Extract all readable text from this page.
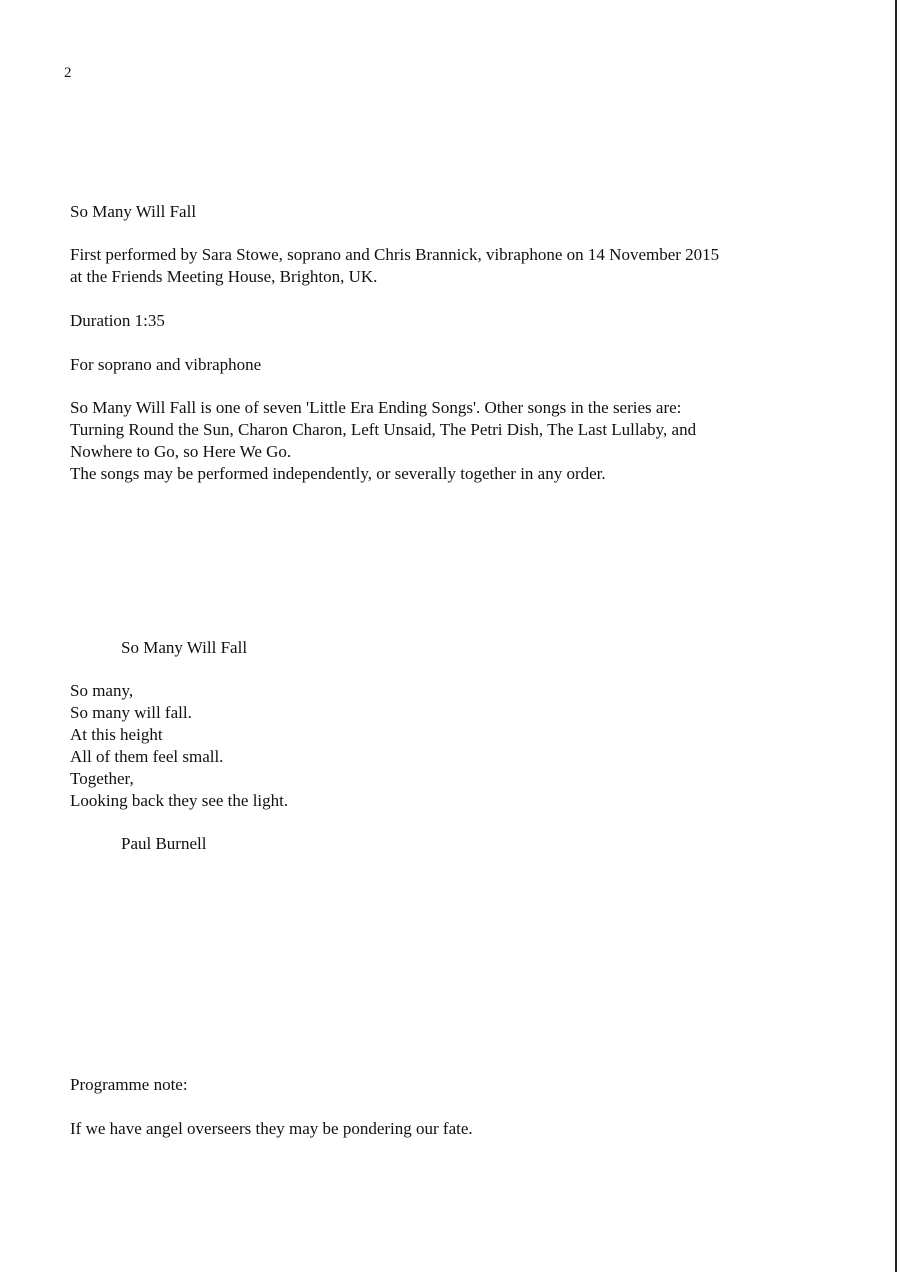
2
So Many Will Fall
First performed by Sara Stowe, soprano and Chris Brannick, vibraphone on 14 November 2015
at the Friends Meeting House, Brighton, UK.
Duration 1:35
For soprano and vibraphone
So Many Will Fall is one of seven 'Little Era Ending Songs'. Other songs in the series are:
Turning Round the Sun, Charon Charon, Left Unsaid, The Petri Dish, The Last Lullaby, and
Nowhere to Go, so Here We Go.
The songs may be performed independently, or severally together in any order.
So Many Will Fall
So many,
So many will fall.
At this height
All of them feel small.
Together,
Looking back they see the light.
Paul Burnell
Programme note:
If we have angel overseers they may be pondering our fate.
